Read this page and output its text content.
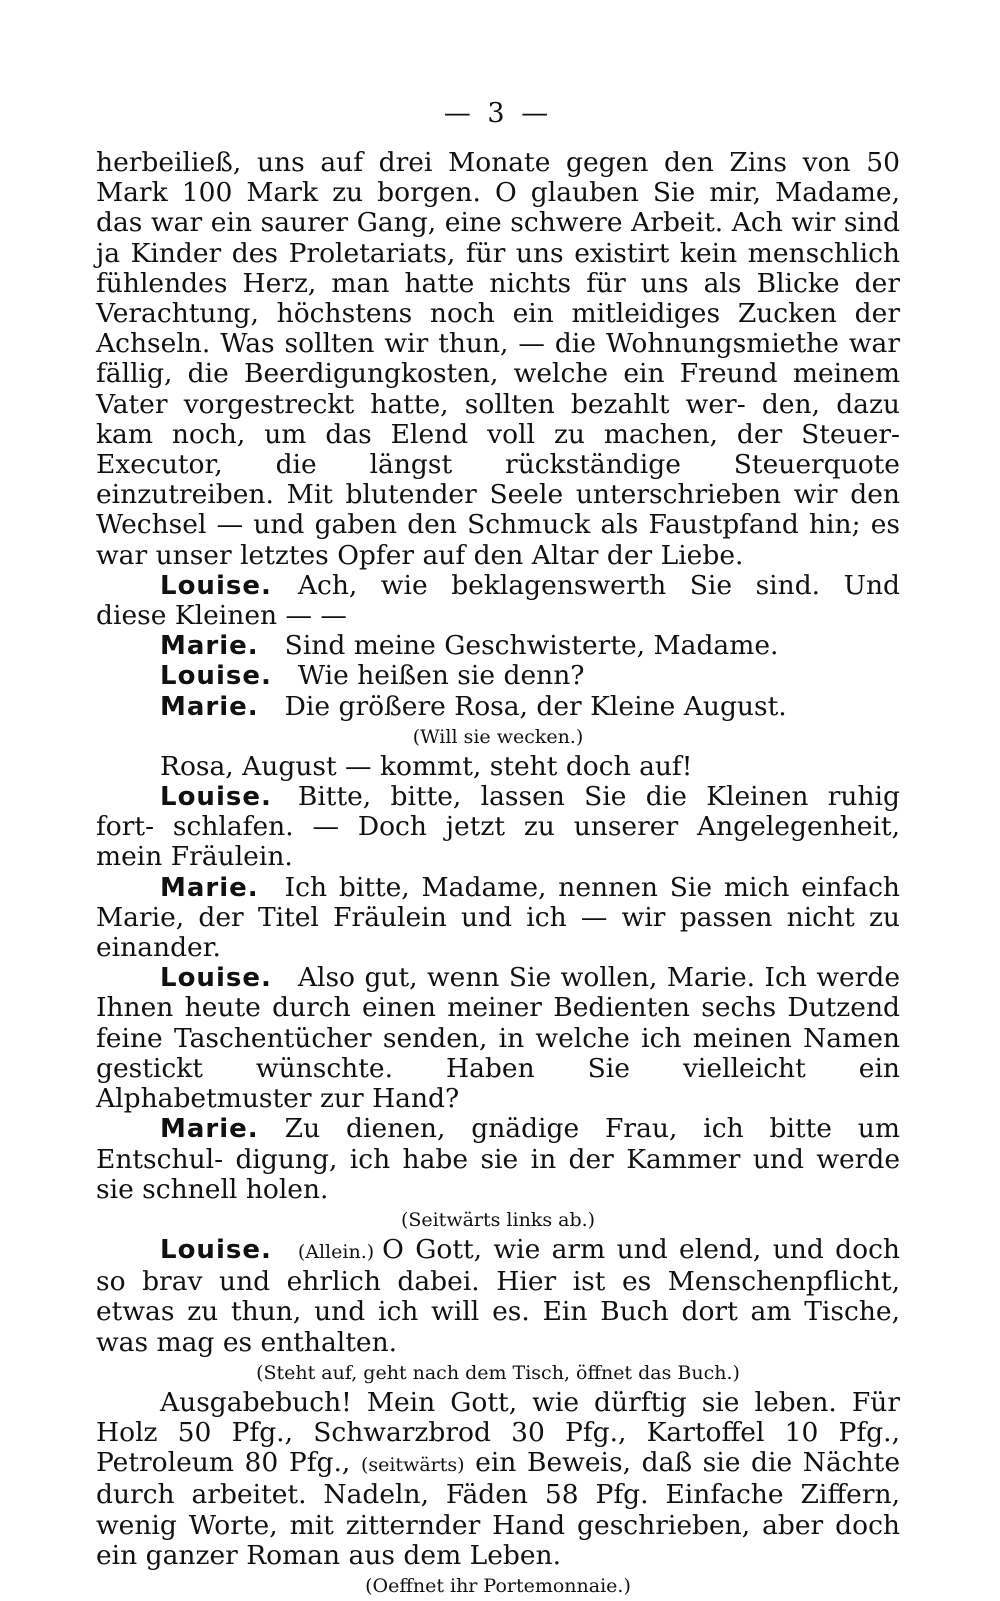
— 3 —

herbeiließ, uns auf drei Monate gegen den Zins von 50 Mark 100 Mark zu borgen. O glauben Sie mir, Madame, das war ein saurer Gang, eine schwere Arbeit. Ach wir sind ja Kinder des Proletariats, für uns existirt kein menschlich fühlendes Herz, man hatte nichts für uns als Blicke der Verachtung, höchstens noch ein mitleidiges Zucken der Achseln. Was sollten wir thun, — die Wohnungsmiethe war fällig, die Beerdigungkosten, welche ein Freund meinem Vater vorgestreckt hatte, sollten bezahlt wer- den, dazu kam noch, um das Elend voll zu machen, der Steuer- Executor, die längst rückständige Steuerquote einzutreiben. Mit blutender Seele unterschrieben wir den Wechsel — und gaben den Schmuck als Faustpfand hin; es war unser letztes Opfer auf den Altar der Liebe.

Louise. Ach, wie beklagenswerth Sie sind. Und diese Kleinen — —

Marie. Sind meine Geschwisterte, Madame.

Louise. Wie heißen sie denn?

Marie. Die größere Rosa, der Kleine August.

(Will sie wecken.)

Rosa, August — kommt, steht doch auf!

Louise. Bitte, bitte, lassen Sie die Kleinen ruhig fort- schlafen. — Doch jetzt zu unserer Angelegenheit, mein Fräulein.

Marie. Ich bitte, Madame, nennen Sie mich einfach Marie, der Titel Fräulein und ich — wir passen nicht zu einander.

Louise. Also gut, wenn Sie wollen, Marie. Ich werde Ihnen heute durch einen meiner Bedienten sechs Dutzend feine Taschentücher senden, in welche ich meinen Namen gestickt wünschte. Haben Sie vielleicht ein Alphabetmuster zur Hand?

Marie. Zu dienen, gnädige Frau, ich bitte um Entschul- digung, ich habe sie in der Kammer und werde sie schnell holen.

(Seitwärts links ab.)

Louise. (Allein.) O Gott, wie arm und elend, und doch so brav und ehrlich dabei. Hier ist es Menschenpflicht, etwas zu thun, und ich will es. Ein Buch dort am Tische, was mag es enthalten.

(Steht auf, geht nach dem Tisch, öffnet das Buch.)

Ausgabebuch! Mein Gott, wie dürftig sie leben. Für Holz 50 Pfg., Schwarzbrod 30 Pfg., Kartoffel 10 Pfg., Petroleum 80 Pfg., (seitwärts) ein Beweis, daß sie die Nächte durch arbeitet. Nadeln, Fäden 58 Pfg. Einfache Ziffern, wenig Worte, mit zitternder Hand geschrieben, aber doch ein ganzer Roman aus dem Leben.

(Oeffnet ihr Portemonnaie.)
